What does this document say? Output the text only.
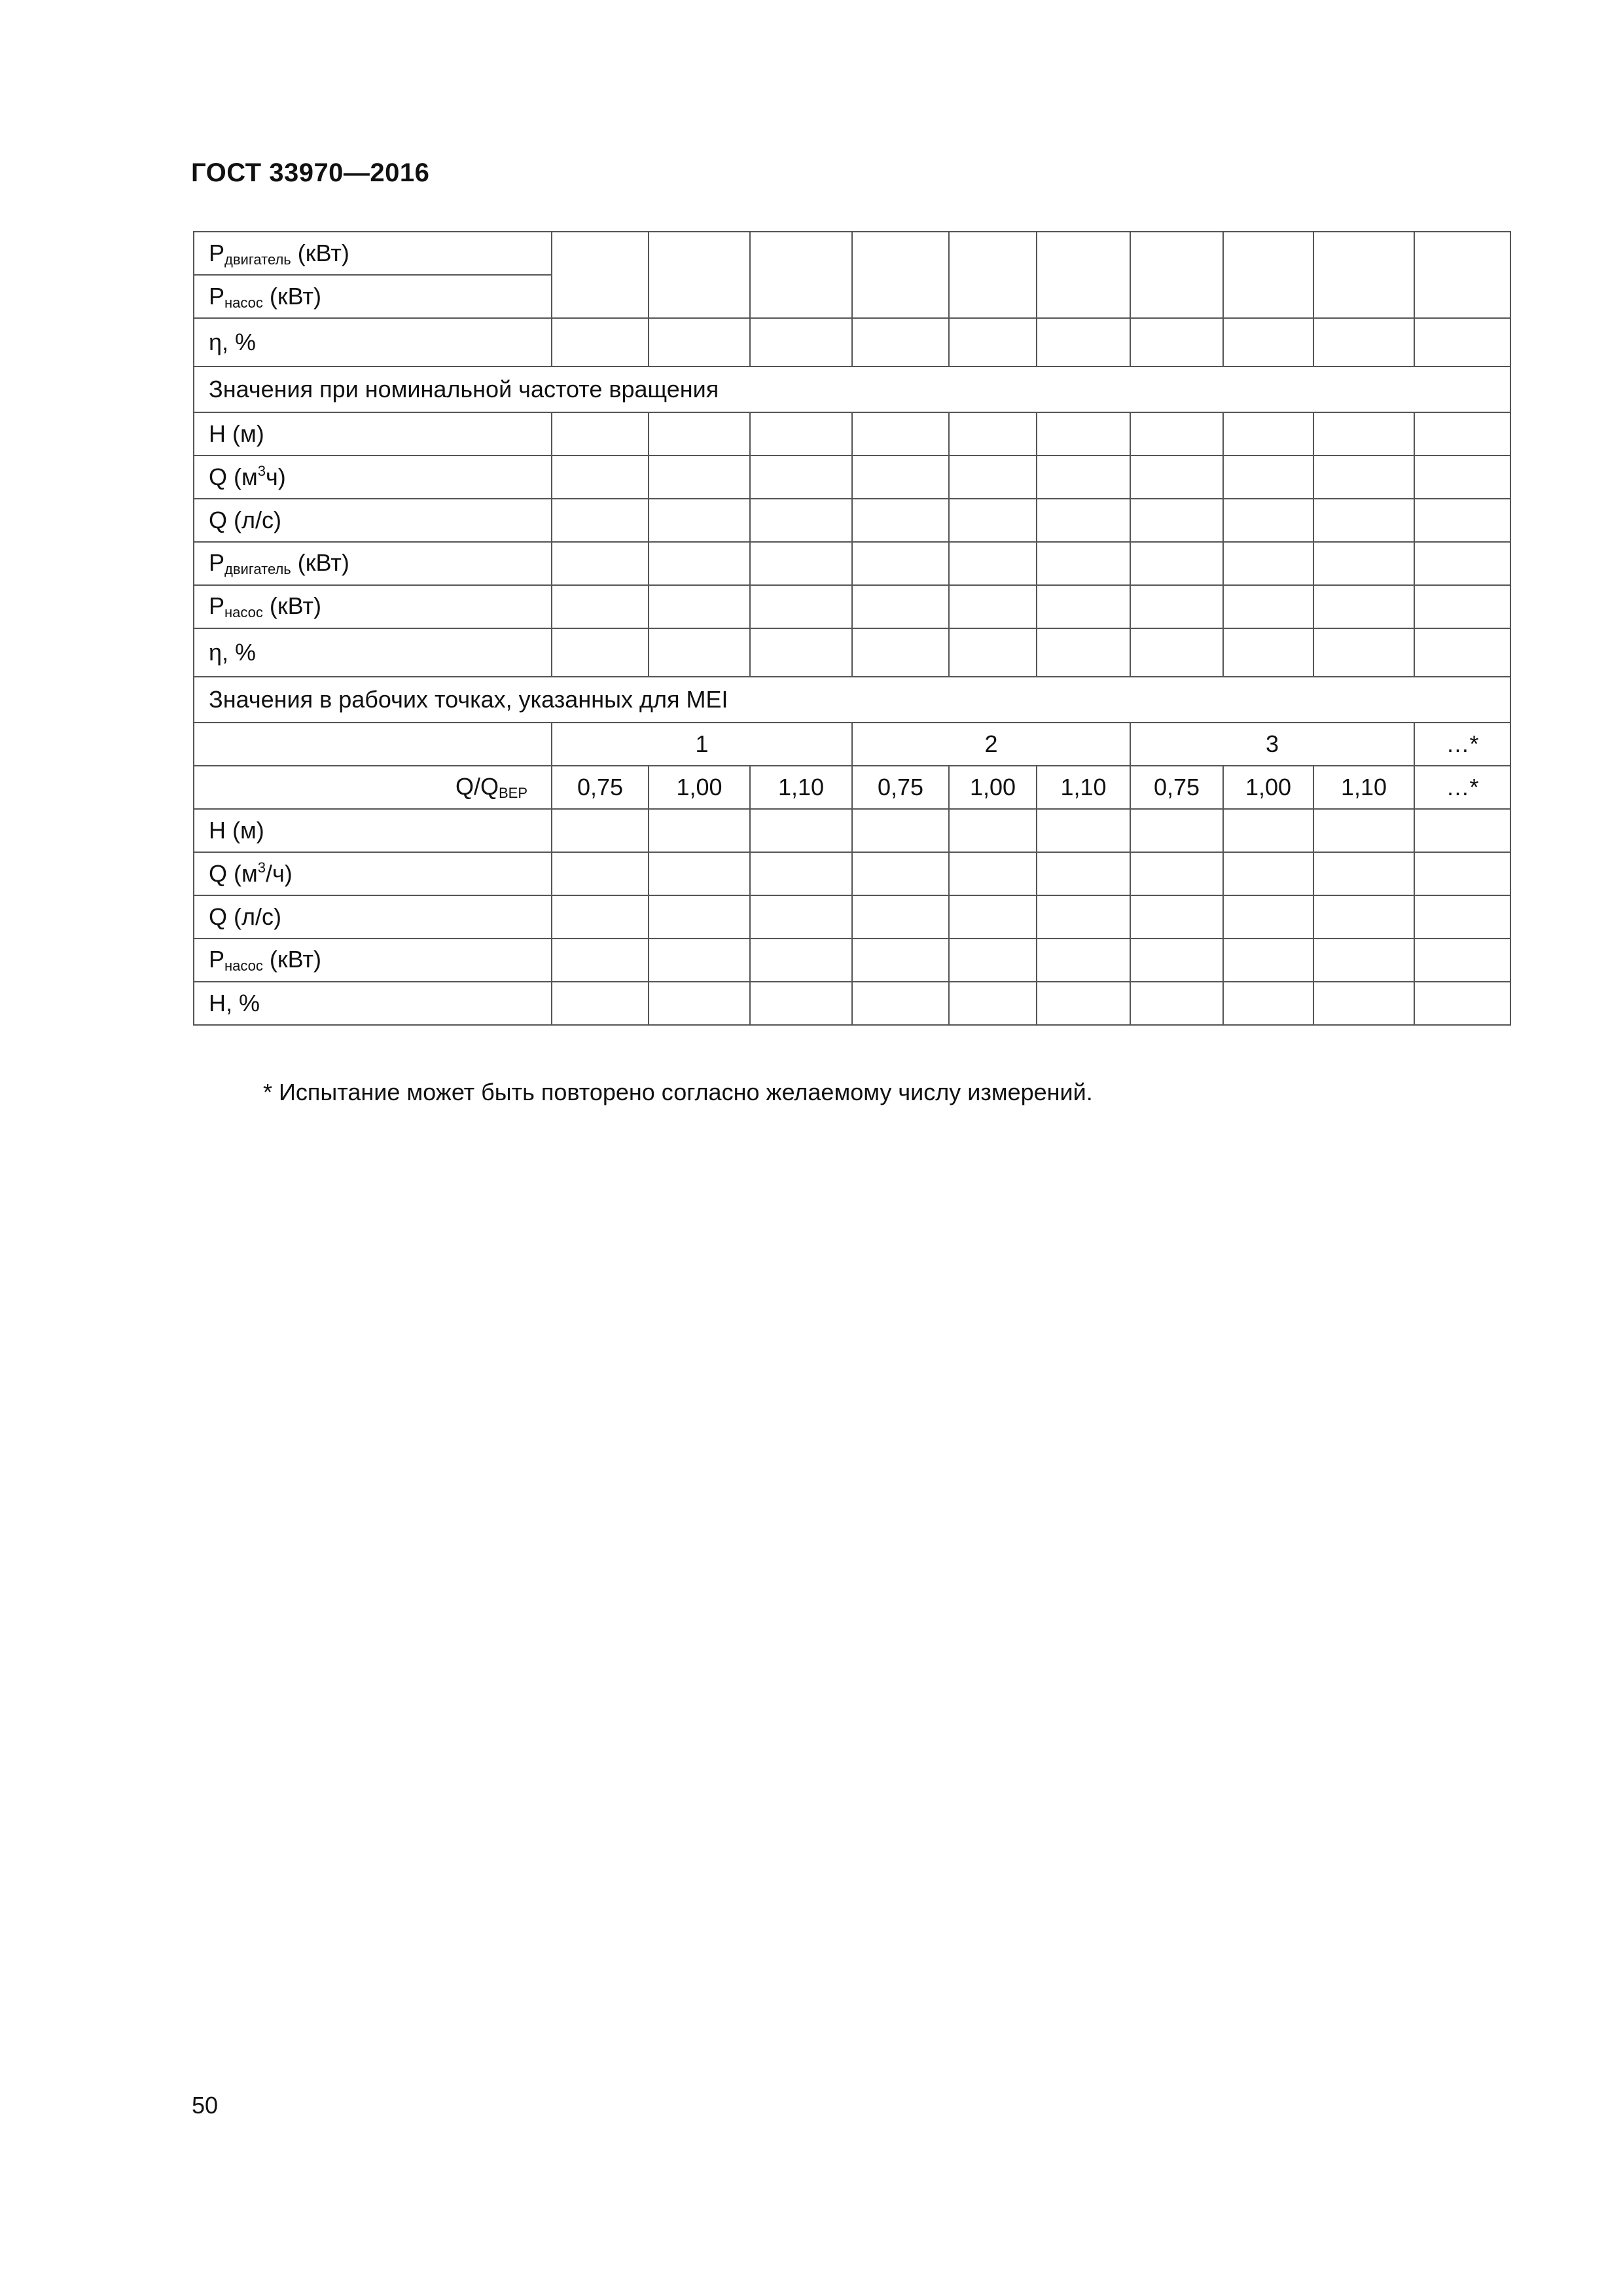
ГОСТ 33970—2016
$P_{двигатель}$ (кВт)
$P_{насос}$ (кВт)										

η, %										
Значения при номинальной частоте вращения										
H (м)										
Q $(м^3ч)$										
Q (л/с)										
$P_{двигатель}$ (кВт)										
$P_{насос}$ (кВт)										
η, %										
Значения в рабочих точках, указанных для MEI										
	1			2			3			…*
$Q/Q_{BEP}$	0,75	1,00	1,10	0,75	1,00	1,10	0,75	1,00	1,10	…*
H (м)										
Q $(м^3/ч)$										
Q (л/с)										
$P_{насос}$ (кВт)										
H, %										
* Испытание может быть повторено согласно желаемому числу измерений.
50
